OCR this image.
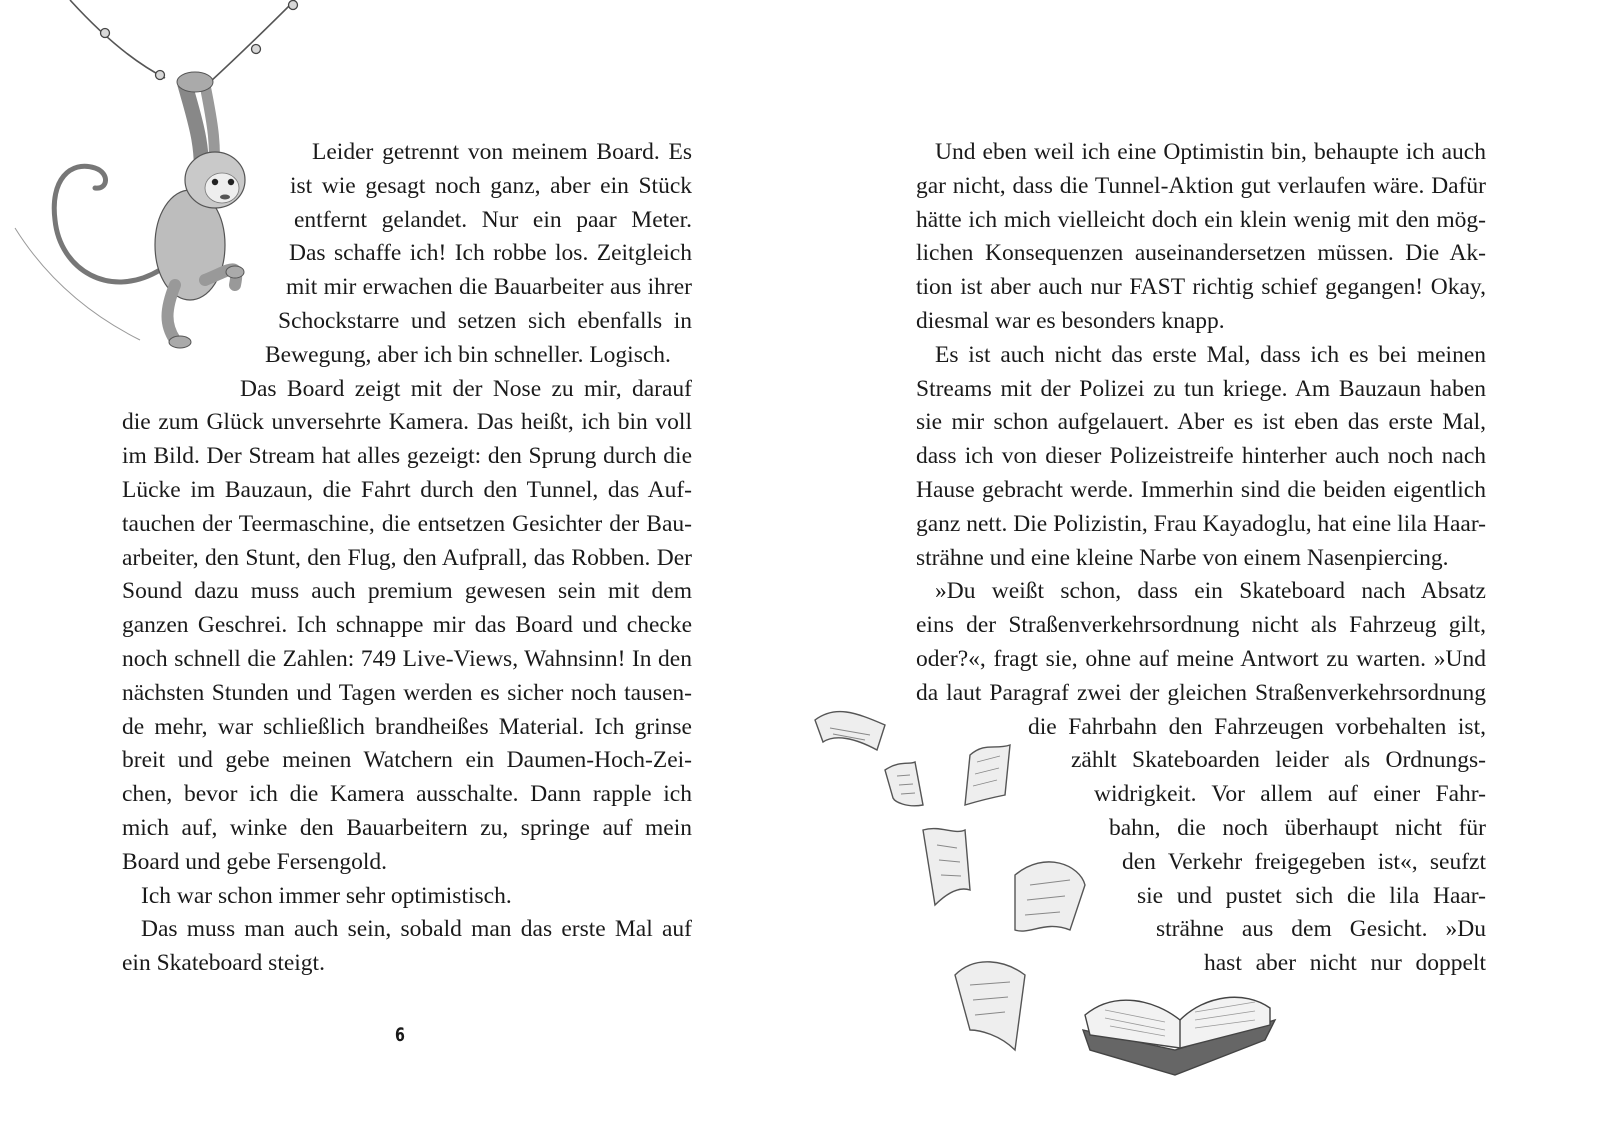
Leider getrennt von meinem Board. Es
ist wie gesagt noch ganz, aber ein Stück
entfernt gelandet. Nur ein paar Meter.
Das schaffe ich! Ich robbe los. Zeitgleich
mit mir erwachen die Bauarbeiter aus ihrer
Schockstarre und setzen sich ebenfalls in
Bewegung, aber ich bin schneller. Logisch.
Das Board zeigt mit der Nose zu mir, darauf
die zum Glück unversehrte Kamera. Das heißt, ich bin voll
im Bild. Der Stream hat alles gezeigt: den Sprung durch die
Lücke im Bauzaun, die Fahrt durch den Tunnel, das Auf-
tauchen der Teermaschine, die entsetzen Gesichter der Bau-
arbeiter, den Stunt, den Flug, den Aufprall, das Robben. Der
Sound dazu muss auch premium gewesen sein mit dem
ganzen Geschrei. Ich schnappe mir das Board und checke
noch schnell die Zahlen: 749 Live-Views, Wahnsinn! In den
nächsten Stunden und Tagen werden es sicher noch tausen-
de mehr, war schließlich brandheißes Material. Ich grinse
breit und gebe meinen Watchern ein Daumen-Hoch-Zei-
chen, bevor ich die Kamera ausschalte. Dann rapple ich
mich auf, winke den Bauarbeitern zu, springe auf mein
Board und gebe Fersengold.
Ich war schon immer sehr optimistisch.
Das muss man auch sein, sobald man das erste Mal auf
ein Skateboard steigt.
Und eben weil ich eine Optimistin bin, behaupte ich auch
gar nicht, dass die Tunnel-Aktion gut verlaufen wäre. Dafür
hätte ich mich vielleicht doch ein klein wenig mit den mög-
lichen Konsequenzen auseinandersetzen müssen. Die Ak-
tion ist aber auch nur FAST richtig schief gegangen! Okay,
diesmal war es besonders knapp.
Es ist auch nicht das erste Mal, dass ich es bei meinen
Streams mit der Polizei zu tun kriege. Am Bauzaun haben
sie mir schon aufgelauert. Aber es ist eben das erste Mal,
dass ich von dieser Polizeistreife hinterher auch noch nach
Hause gebracht werde. Immerhin sind die beiden eigentlich
ganz nett. Die Polizistin, Frau Kayadoglu, hat eine lila Haar-
strähne und eine kleine Narbe von einem Nasenpiercing.
»Du weißt schon, dass ein Skateboard nach Absatz
eins der Straßenverkehrsordnung nicht als Fahrzeug gilt,
oder?«, fragt sie, ohne auf meine Antwort zu warten. »Und
da laut Paragraf zwei der gleichen Straßenverkehrsordnung
die Fahrbahn den Fahrzeugen vorbehalten ist,
zählt Skateboarden leider als Ordnungs-
widrigkeit. Vor allem auf einer Fahr-
bahn, die noch überhaupt nicht für
den Verkehr freigegeben ist«, seufzt
sie und pustet sich die lila Haar-
strähne aus dem Gesicht. »Du
hast aber nicht nur doppelt
6
